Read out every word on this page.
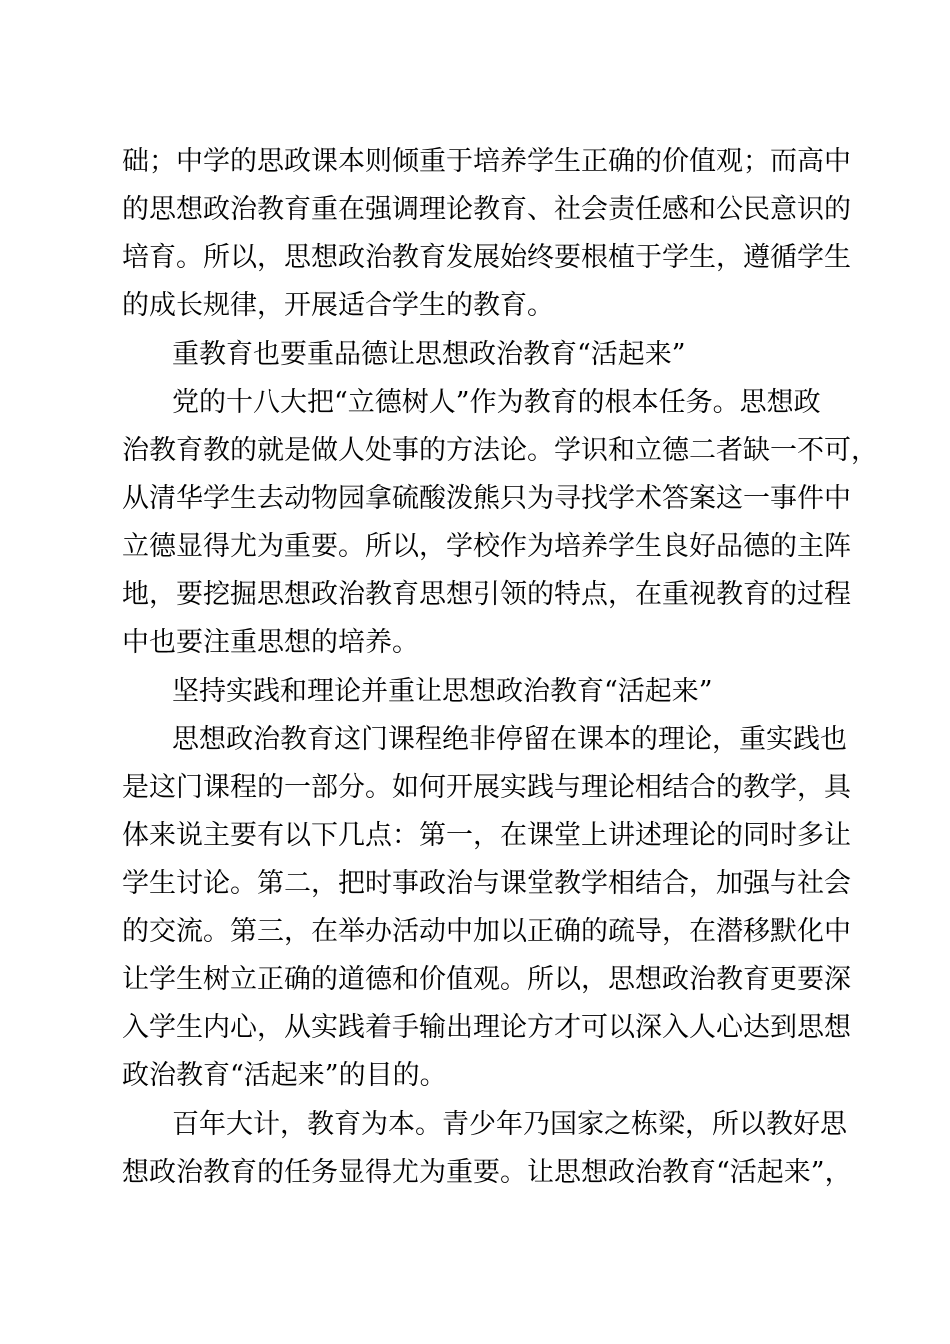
础；中学的思政课本则倾重于培养学生正确的价值观；而高中
的思想政治教育重在强调理论教育、社会责任感和公民意识的
培育。所以，思想政治教育发展始终要根植于学生，遵循学生
的成长规律，开展适合学生的教育。
重教育也要重品德让思想政治教育“活起来”
党的十八大把“立德树人”作为教育的根本任务。思想政
治教育教的就是做人处事的方法论。学识和立德二者缺一不可，
从清华学生去动物园拿硫酸泼熊只为寻找学术答案这一事件中
立德显得尤为重要。所以，学校作为培养学生良好品德的主阵
地，要挖掘思想政治教育思想引领的特点，在重视教育的过程
中也要注重思想的培养。
坚持实践和理论并重让思想政治教育“活起来”
思想政治教育这门课程绝非停留在课本的理论，重实践也
是这门课程的一部分。如何开展实践与理论相结合的教学，具
体来说主要有以下几点：第一，在课堂上讲述理论的同时多让
学生讨论。第二，把时事政治与课堂教学相结合，加强与社会
的交流。第三，在举办活动中加以正确的疏导，在潜移默化中
让学生树立正确的道德和价值观。所以，思想政治教育更要深
入学生内心，从实践着手输出理论方才可以深入人心达到思想
政治教育“活起来”的目的。
百年大计，教育为本。青少年乃国家之栋梁，所以教好思
想政治教育的任务显得尤为重要。让思想政治教育“活起来”，
